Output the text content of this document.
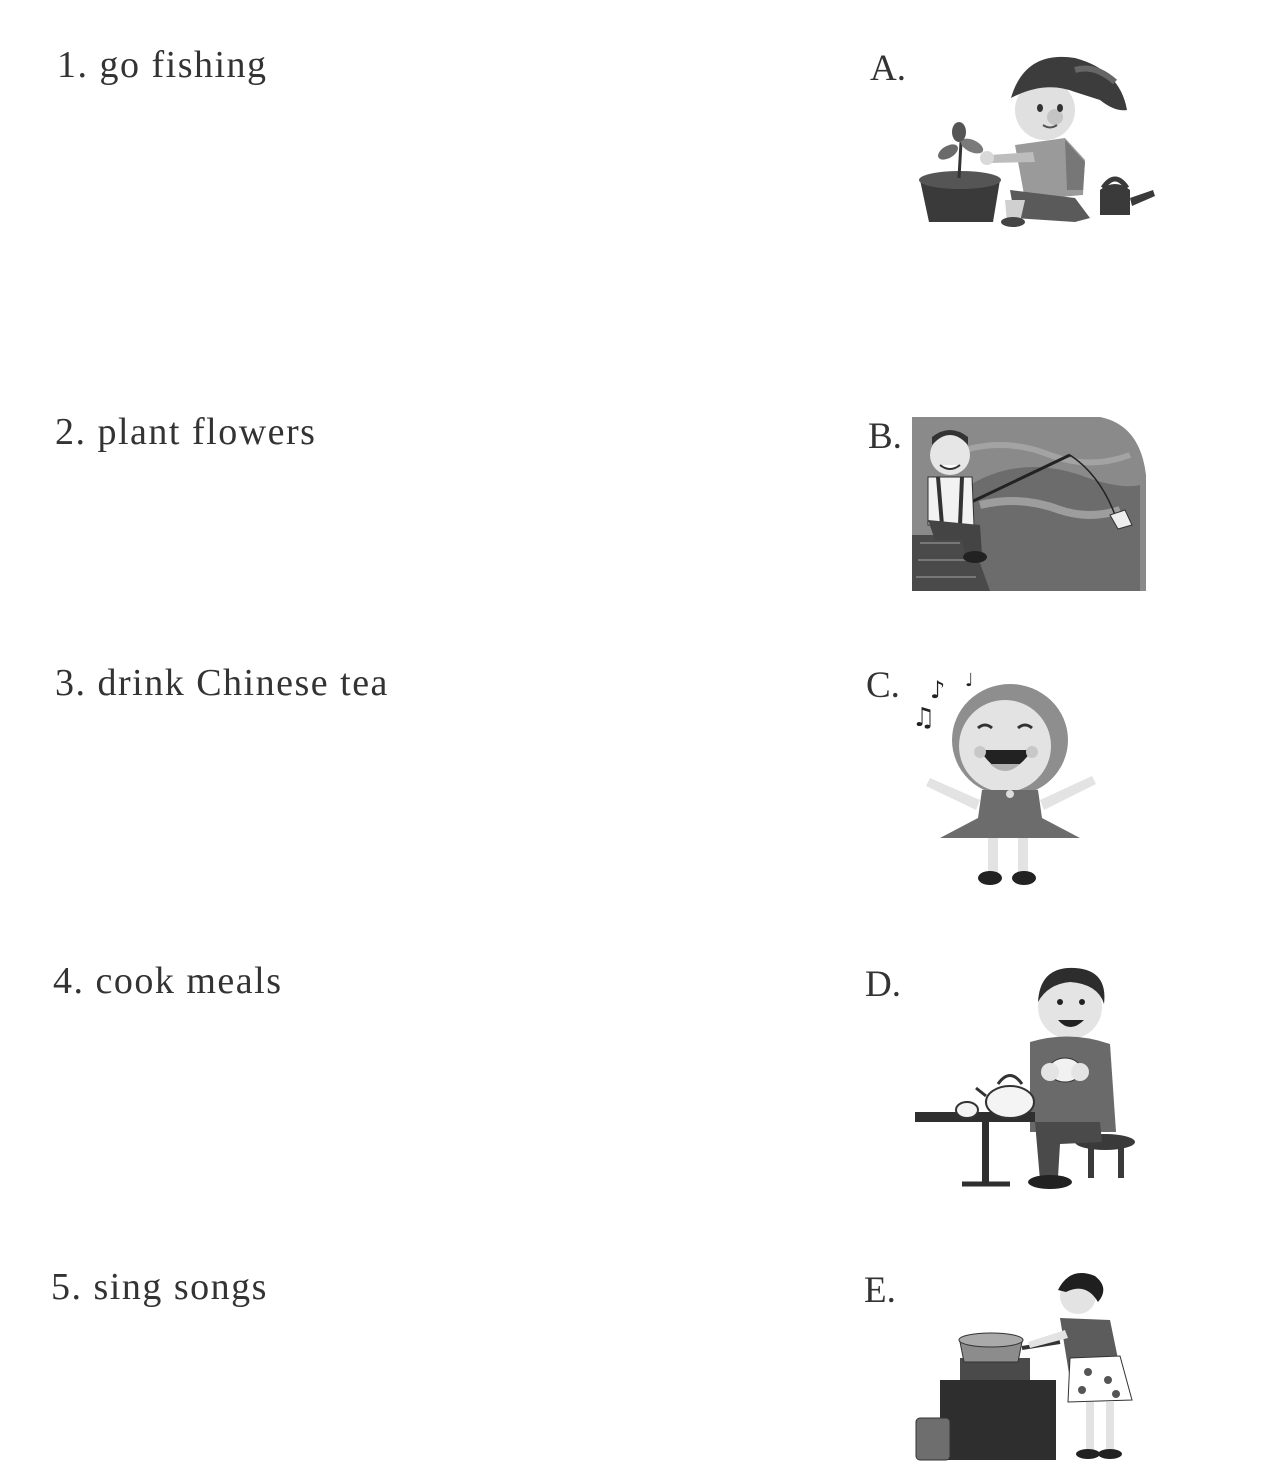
1. go fishing
2. plant flowers
3. drink Chinese tea
4. cook meals
5. sing songs
A.
B.
C.
D.
E.
♪ ♩
♫
